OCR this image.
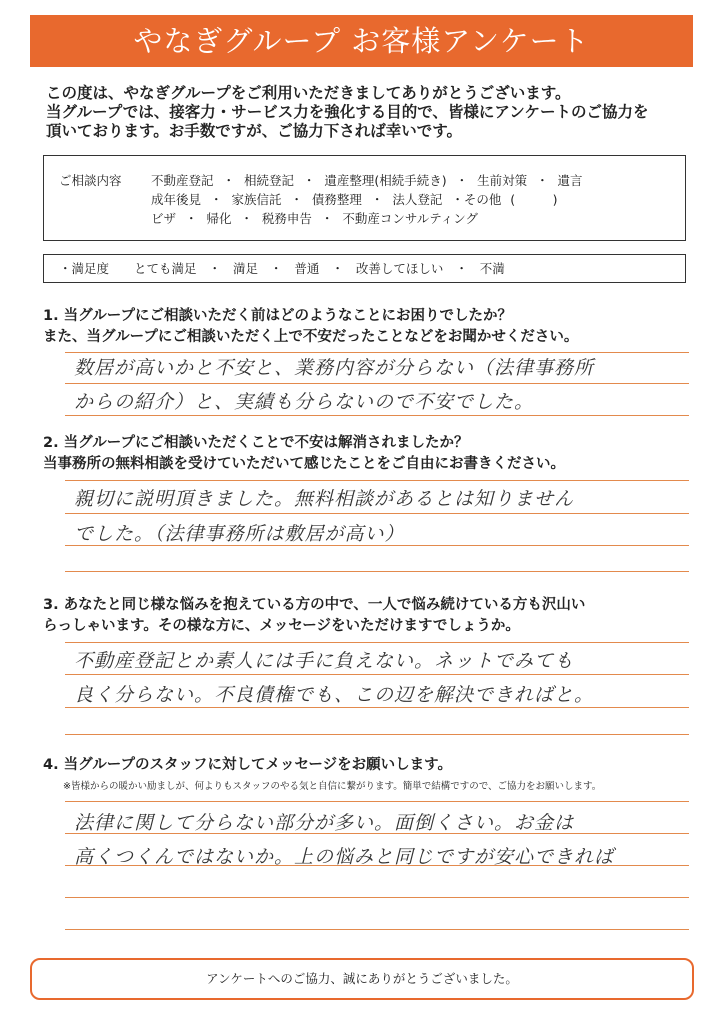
やなぎグループ お客様アンケート
この度は、やなぎグループをご利用いただきましてありがとうございます。
当グループでは、接客力・サービス力を強化する目的で、皆様にアンケートのご協力を
頂いております。お手数ですが、ご協力下されば幸いです。
ご相談内容 不動産登記 ・ 相続登記 ・ 遺産整理(相続手続き) ・ 生前対策 ・ 遺言
成年後見 ・ 家族信託 ・ 債務整理 ・ 法人登記 ・その他 (　　　)
ビザ ・ 帰化 ・ 税務申告 ・ 不動産コンサルティング
・満足度　　とても満足 ・ 満足 ・ 普通 ・ 改善してほしい ・ 不満
1. 当グループにご相談いただく前はどのようなことにお困りでしたか？
また、当グループにご相談いただく上で不安だったことなどをお聞かせください。
数居が高いかと不安と、業務内容が分らない（法律事務所
からの紹介）と、実績も分らないので不安でした。
2. 当グループにご相談いただくことで不安は解消されましたか？
当事務所の無料相談を受けていただいて感じたことをご自由にお書きください。
親切に説明頂きました。無料相談があるとは知りません
でした。（法律事務所は敷居が高い）
3. あなたと同じ様な悩みを抱えている方の中で、一人で悩み続けている方も沢山い
らっしゃいます。その様な方に、メッセージをいただけますでしょうか。
不動産登記とか素人には手に負えない。ネットでみても
良く分らない。不良債権でも、この辺を解決できればと。
4. 当グループのスタッフに対してメッセージをお願いします。
※皆様からの暖かい励ましが、何よりもスタッフのやる気と自信に繋がります。簡単で結構ですので、ご協力をお願いします。
法律に関して分らない部分が多い。面倒くさい。お金は
高くつくんではないか。上の悩みと同じですが安心できれば
アンケートへのご協力、誠にありがとうございました。
